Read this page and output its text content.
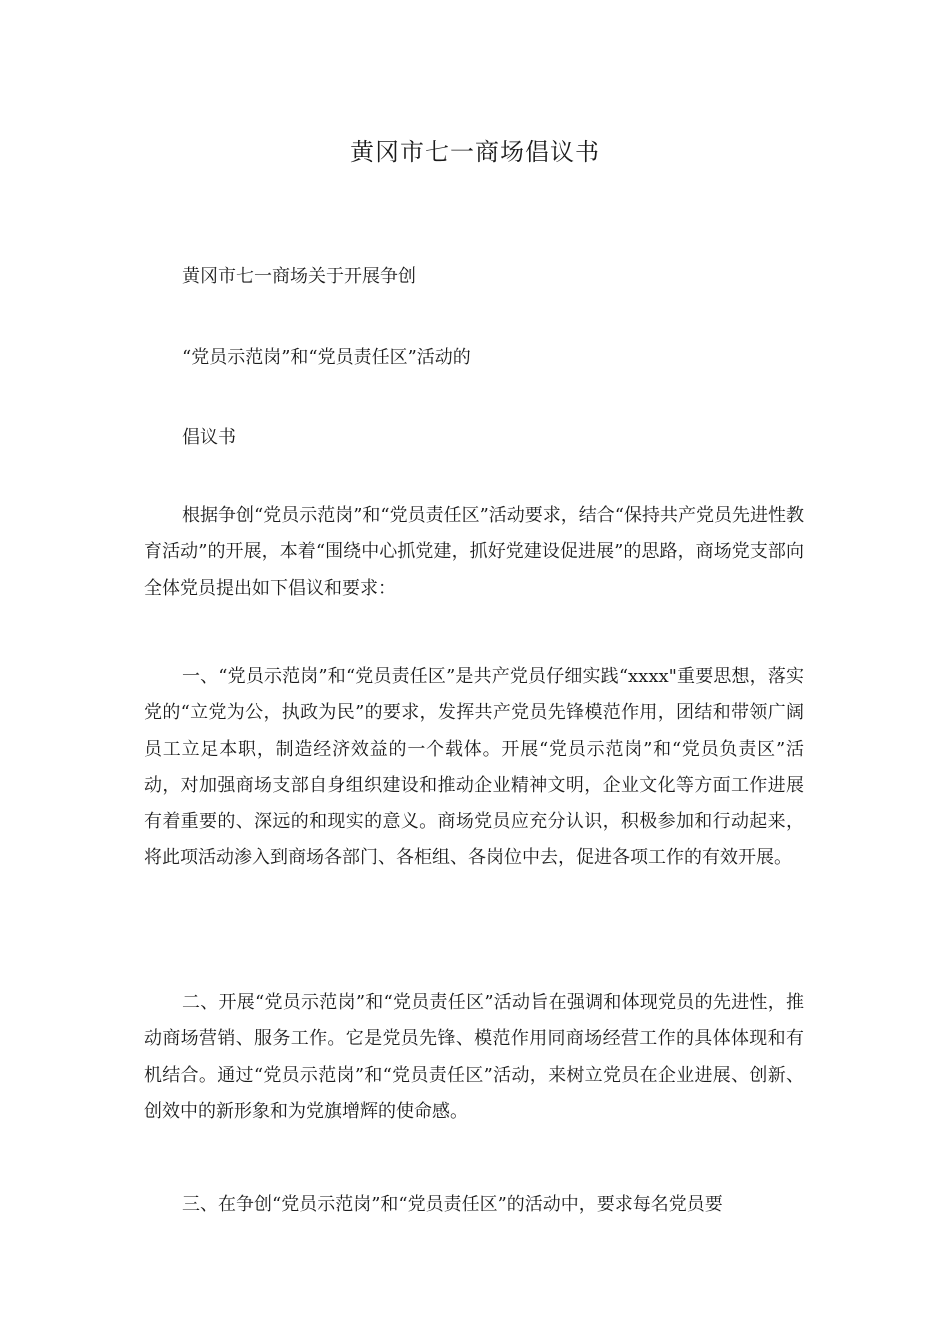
黄冈市七一商场倡议书
黄冈市七一商场关于开展争创
“党员示范岗”和“党员责任区”活动的
倡议书
根据争创“党员示范岗”和“党员责任区”活动要求，结合“保持共产党员先进性教育活动”的开展，本着“围绕中心抓党建，抓好党建设促进展”的思路，商场党支部向全体党员提出如下倡议和要求：
一、“党员示范岗”和“党员责任区”是共产党员仔细实践“xxxx"重要思想，落实党的“立党为公，执政为民”的要求，发挥共产党员先锋模范作用，团结和带领广阔员工立足本职，制造经济效益的一个载体。开展“党员示范岗”和“党员负责区”活动，对加强商场支部自身组织建设和推动企业精神文明，企业文化等方面工作进展有着重要的、深远的和现实的意义。商场党员应充分认识，积极参加和行动起来，将此项活动渗入到商场各部门、各柜组、各岗位中去，促进各项工作的有效开展。
二、开展“党员示范岗”和“党员责任区”活动旨在强调和体现党员的先进性，推动商场营销、服务工作。它是党员先锋、模范作用同商场经营工作的具体体现和有机结合。通过“党员示范岗”和“党员责任区”活动，来树立党员在企业进展、创新、创效中的新形象和为党旗增辉的使命感。
三、在争创“党员示范岗”和“党员责任区”的活动中，要求每名党员要
